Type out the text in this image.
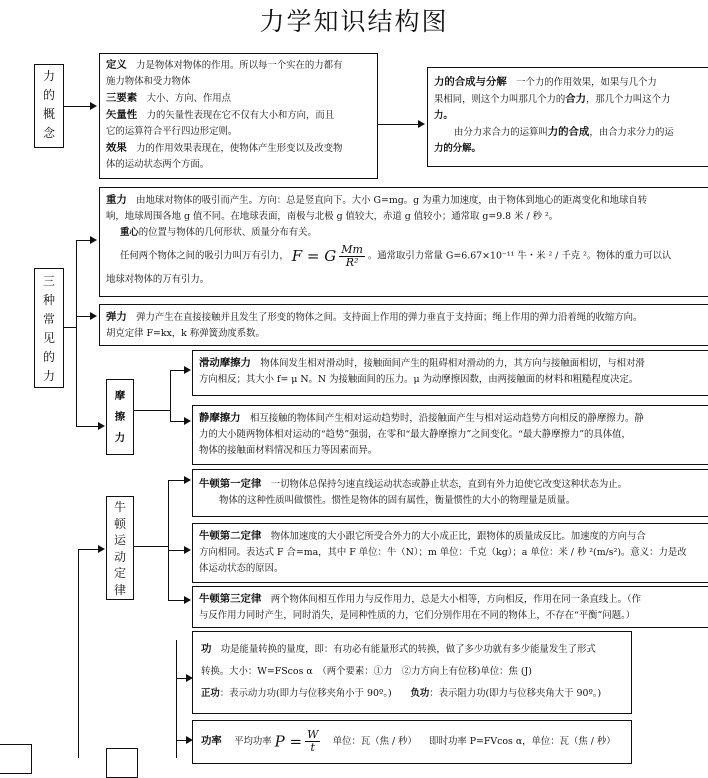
力学知识结构图
力
的
概
念
定义　 力是物体对物体的作用。所以每一个实在的力都有
施力物体和受力物体
三要素　 大小、方向、作用点
矢量性　 力的矢量性表现在它不仅有大小和方向，而且
它的运算符合平行四边形定则。
效果　 力的作用效果表现在，使物体产生形变以及改变物
体的运动状态两个方面。
力的合成与分解　 一个力的作用效果，如果与几个力
果相同，则这个力叫那几个力的合力，那几个力叫这个力
力。
由分力求合力的运算叫力的合成，由合力求分力的运
力的分解。
三
种
常
见
的
力
重力　 由地球对物体的吸引而产生。方向：总是竖直向下。大小 G=mg。g 为重力加速度，由于物体到地心的距离变化和地球自转
响，地球周围各地 g 值不同。在地球表面，南极与北极 g 值较大，赤道 g 值较小；通常取 g=9.8 米 / 秒 ²。
重心的位置与物体的几何形状、质量分布有关。
任何两个物体之间的吸引力叫万有引力， F = G $\frac{Mm}{\text{R²}}$ 。通常取引力常量 G=6.67×10⁻¹¹ 牛・米 ² / 千克 ²。物体的重力可以认
地球对物体的万有引力。
弹力　 弹力产生在直接接触并且发生了形变的物体之间。支持面上作用的弹力垂直于支持面；绳上作用的弹力沿着绳的收缩方向。
胡克定律 F=kx，k 称弹簧劲度系数。
摩
擦
力
滑动摩擦力　 物体间发生相对滑动时，接触面间产生的阻碍相对滑动的力，其方向与接触面相切，与相对滑
方向相反；其大小 f= μ N。N 为接触面间的压力。μ 为动摩擦因数，由两接触面的材料和粗糙程度决定。
静摩擦力　 相互接触的物体间产生相对运动趋势时，沿接触面产生与相对运动趋势方向相反的静摩擦力。静
力的大小随两物体相对运动的“趋势”强弱，在零和“最大静摩擦力”之间变化。“最大静摩擦力”的具体值，
物体的接触面材料情况和压力等因素而异。
牛
顿
运
动
定
律
牛顿第一定律　 一切物体总保持匀速直线运动状态或静止状态，直到有外力迫使它改变这种状态为止。
物体的这种性质叫做惯性。惯性是物体的固有属性，衡量惯性的大小的物理量是质量。
牛顿第二定律　 物体加速度的大小跟它所受合外力的大小成正比，跟物体的质量成反比。加速度的方向与合
方向相同。表达式 F 合=ma，其中 F 单位：牛（N）；m 单位：千克（kg）；a 单位：米 / 秒 ²(m/s²)。意义：力是改
体运动状态的原因。
牛顿第三定律　 两个物体间相互作用力与反作用力，总是大小相等，方向相反，作用在同一条直线上。（作
与反作用力同时产生，同时消失，是同种性质的力，它们分别作用在不同的物体上，不存在“平衡”问题。）
功　 功是能量转换的量度，即：有功必有能量形式的转换，做了多少功就有多少能量发生了形式
转换。大小：W=FScos α　（两个要素：①力　②力方向上有位移)单位：焦 (J)
正功：表示动力功(即力与位移夹角小于 90º。)　　 负功：表示阻力功(即力与位移夹角大于 90º。)
功率　 平均功率 $P = \frac{W}{t}$
　 单位：瓦（焦 / 秒） 　 即时功率 P=FVcos α，单位：瓦（焦 / 秒）
